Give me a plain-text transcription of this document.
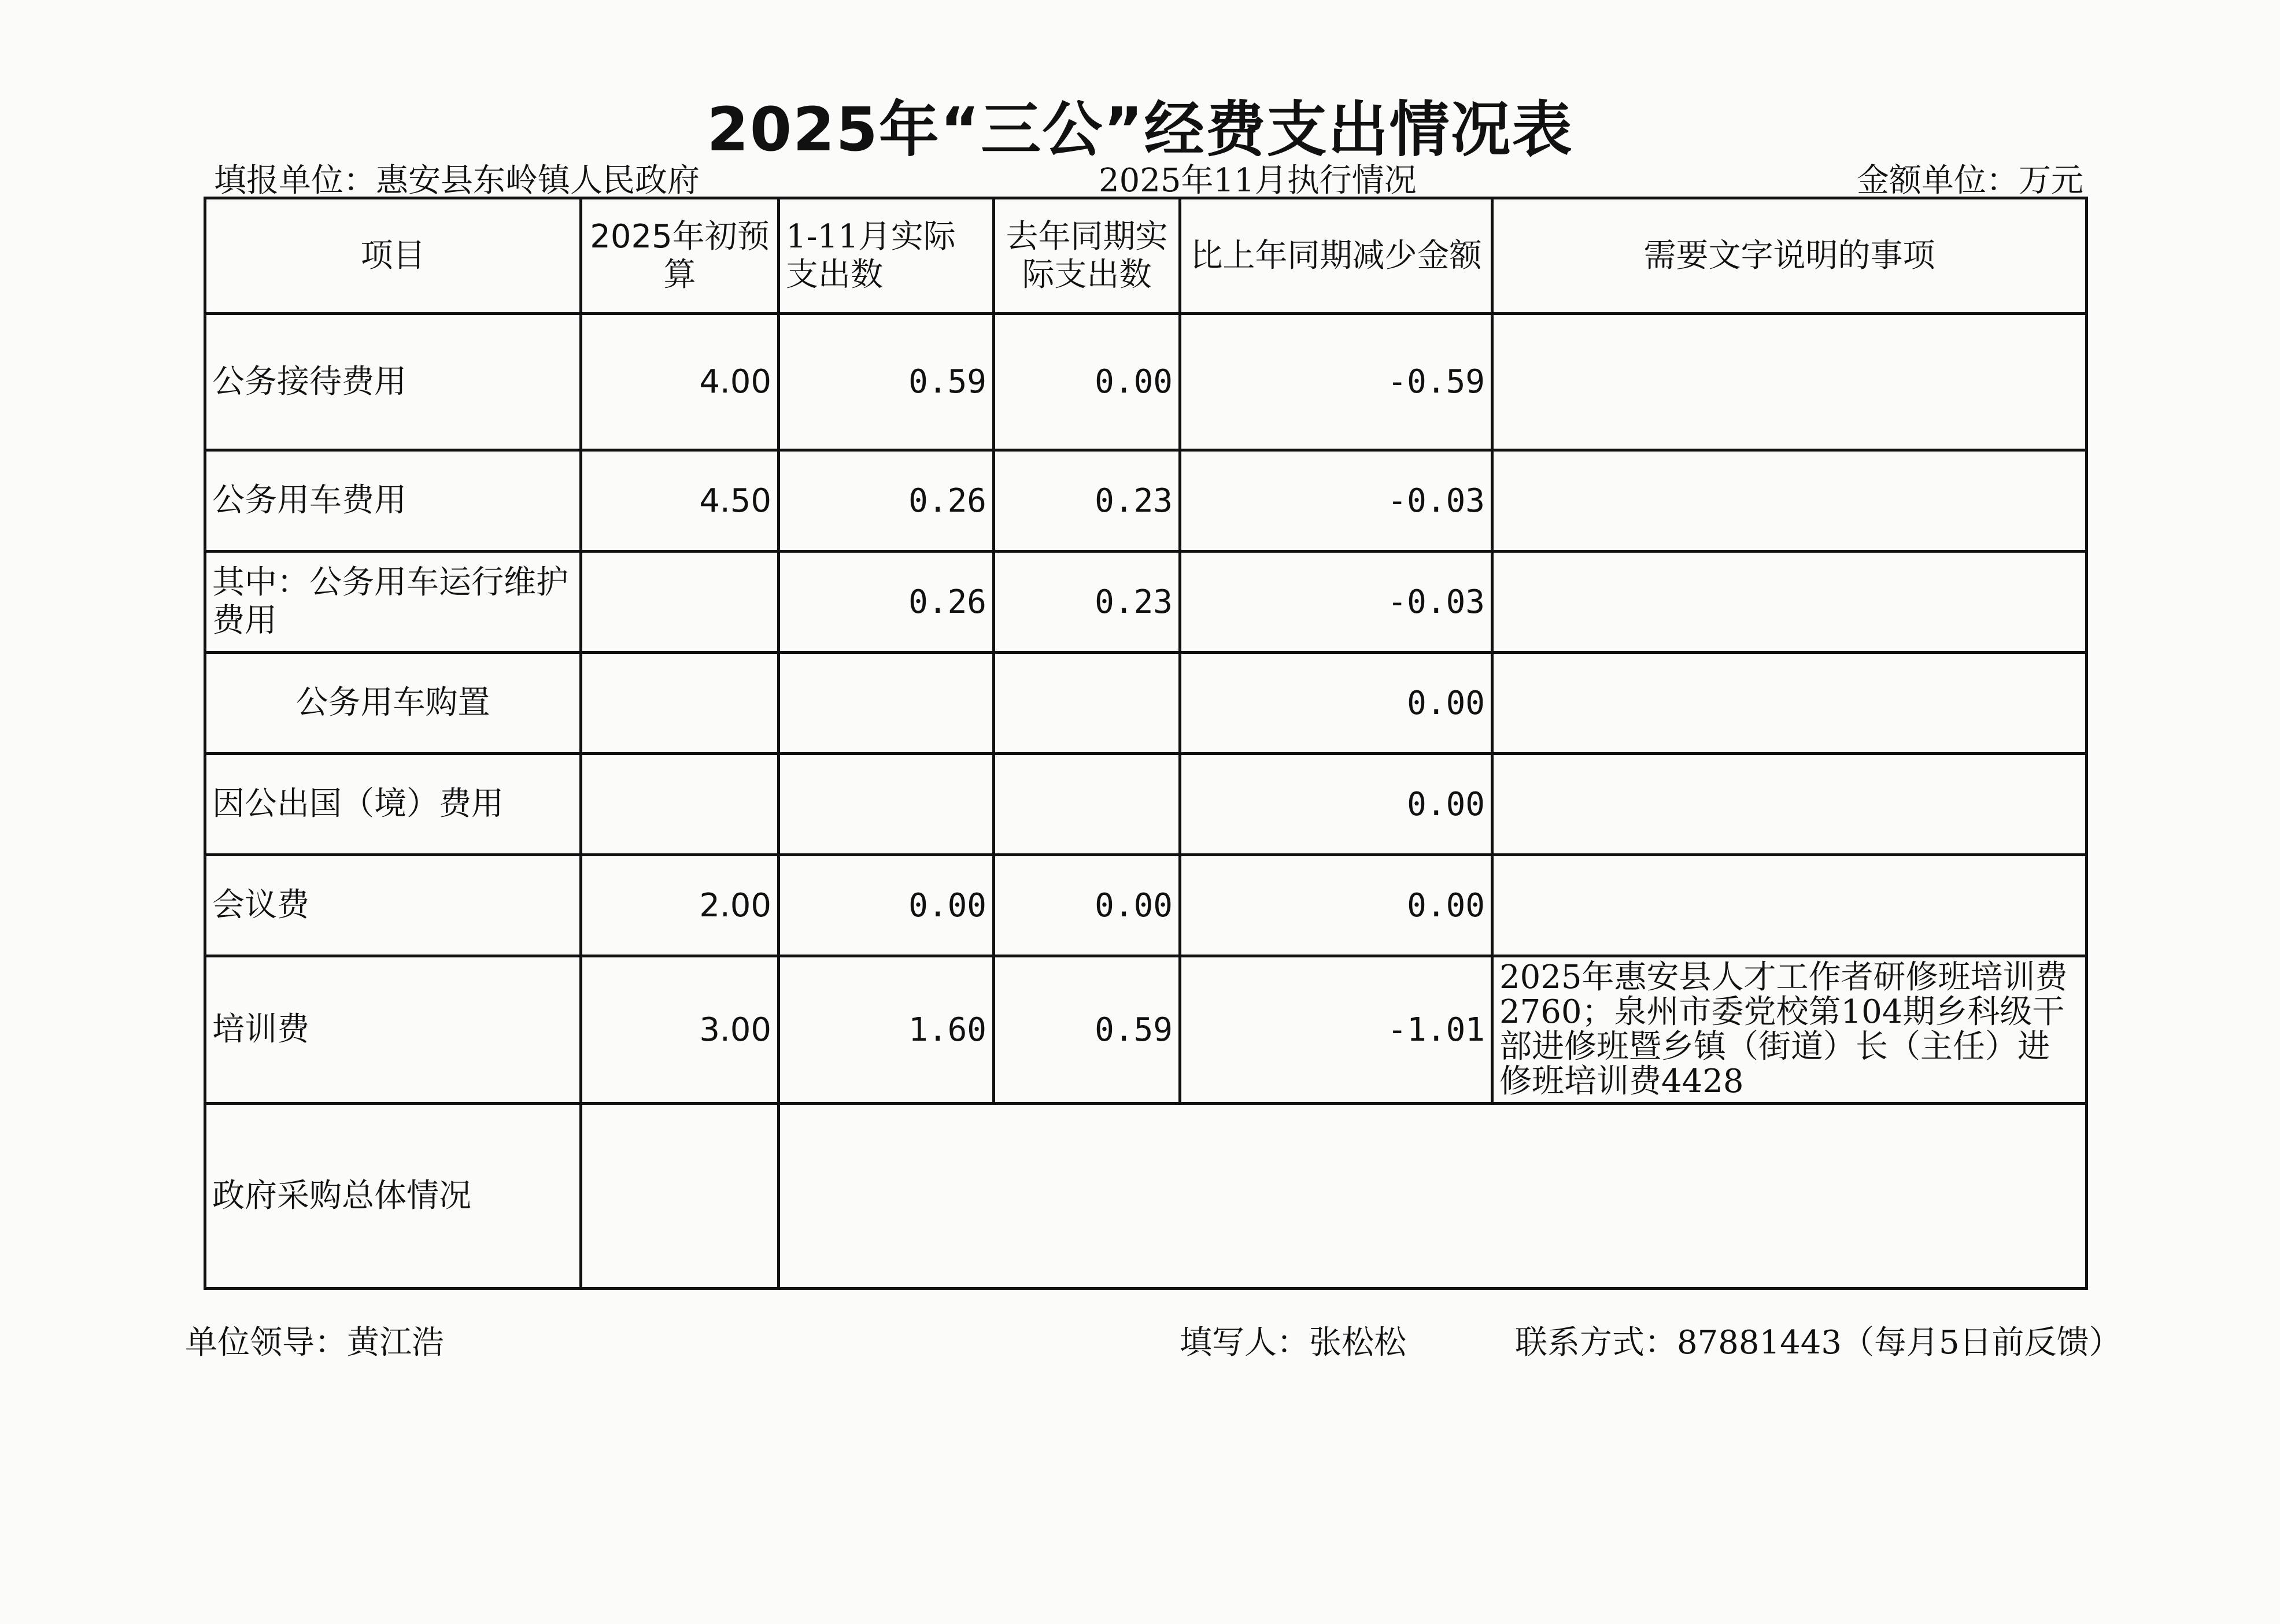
2025年“三公”经费支出情况表
填报单位：惠安县东岭镇人民政府	2025年11月执行情况	金额单位：万元
项目	2025年初预算	1-11月实际支出数	去年同期实际支出数	比上年同期减少金额	需要文字说明的事项
公务接待费用	4.00	0.59	0.00	-0.59	
公务用车费用	4.50	0.26	0.23	-0.03	
其中：公务用车运行维护费用		0.26	0.23	-0.03	
公务用车购置				0.00	
因公出国（境）费用				0.00	
会议费	2.00	0.00	0.00	0.00	
培训费	3.00	1.60	0.59	-1.01	2025年惠安县人才工作者研修班培训费2760；泉州市委党校第104期乡科级干部进修班暨乡镇（街道）长（主任）进修班培训费4428
政府采购总体情况					
单位领导：黄江浩	填写人：张松松	联系方式：87881443（每月5日前反馈）
